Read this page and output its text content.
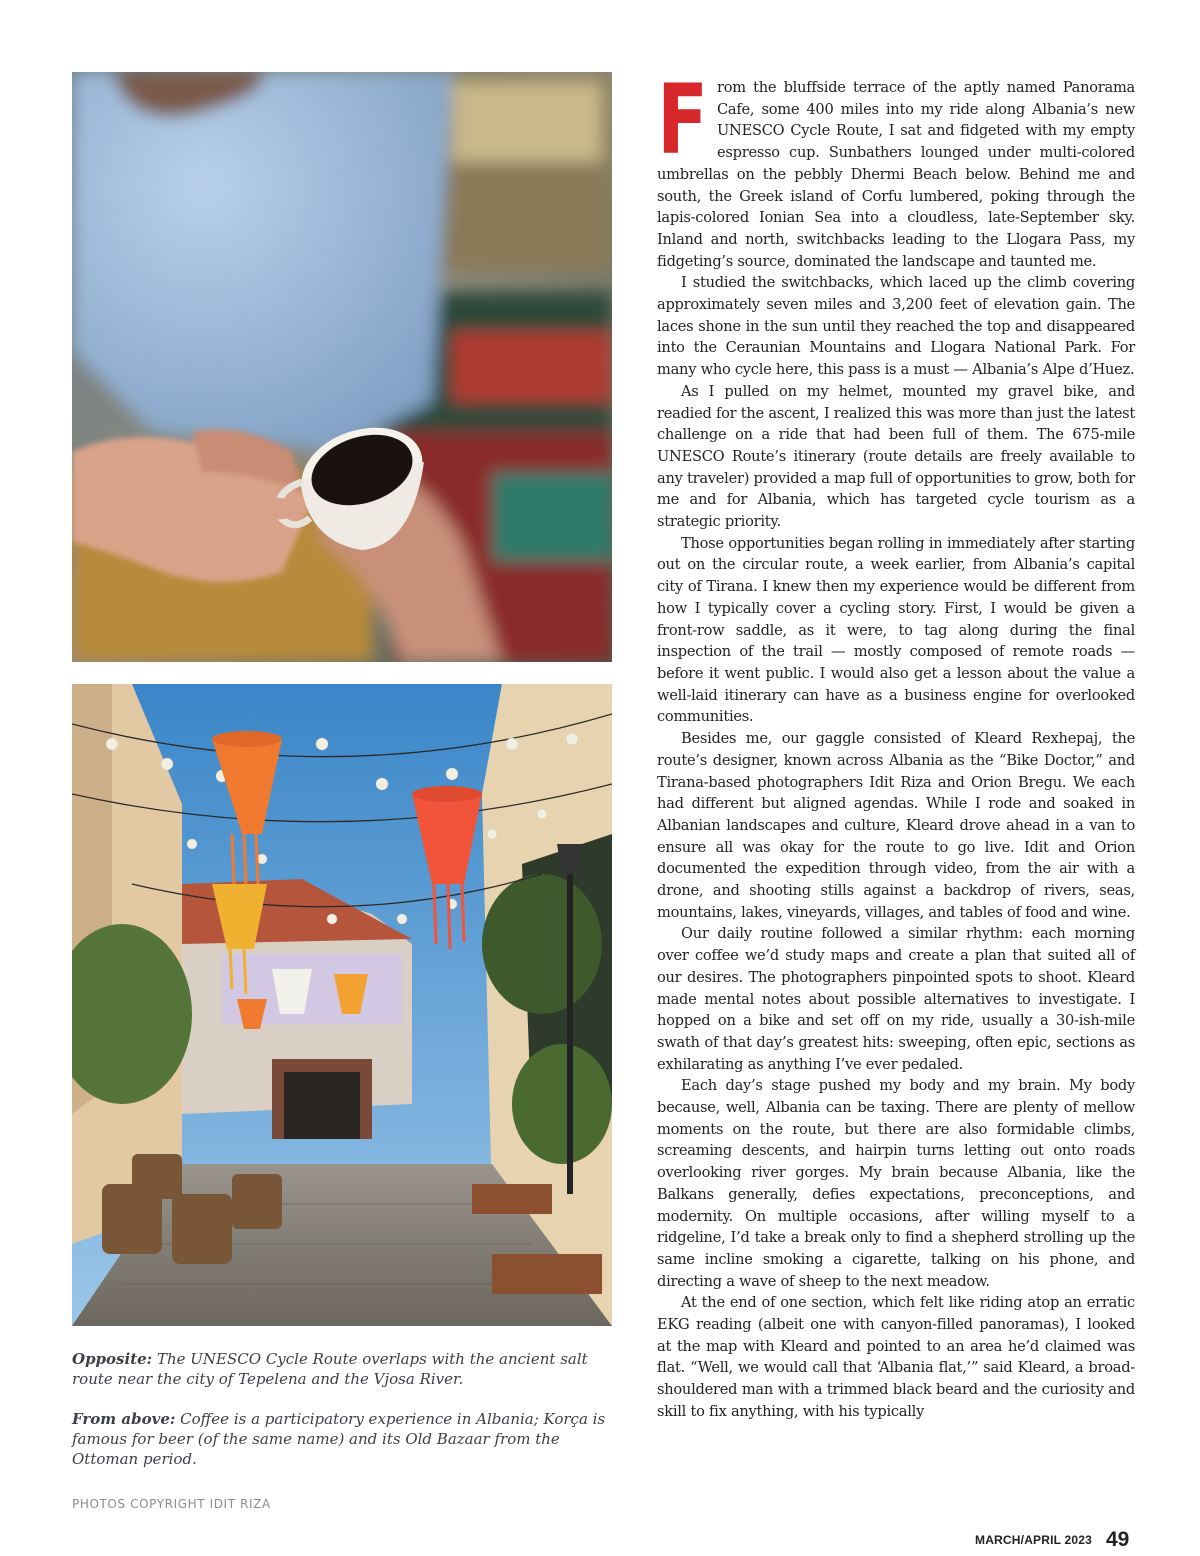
Opposite: The UNESCO Cycle Route overlaps with the ancient salt route near the city of Tepelena and the Vjosa River.
From above: Coffee is a participatory experience in Albania; Korça is famous for beer (of the same name) and its Old Bazaar from the Ottoman period.
PHOTOS COPYRIGHT IDIT RIZA

From the bluffside terrace of the aptly named Panorama Cafe, some 400 miles into my ride along Albania’s new UNESCO Cycle Route, I sat and fidgeted with my empty espresso cup. Sunbathers lounged under multi-colored umbrellas on the pebbly Dhermi Beach below. Behind me and south, the Greek island of Corfu lumbered, poking through the lapis-colored Ionian Sea into a cloudless, late-September sky. Inland and north, switchbacks leading to the Llogara Pass, my fidgeting’s source, dominated the landscape and taunted me.

I studied the switchbacks, which laced up the climb covering approximately seven miles and 3,200 feet of elevation gain. The laces shone in the sun until they reached the top and disappeared into the Ceraunian Mountains and Llogara National Park. For many who cycle here, this pass is a must — Albania’s Alpe d’Huez.

As I pulled on my helmet, mounted my gravel bike, and readied for the ascent, I realized this was more than just the latest challenge on a ride that had been full of them. The 675-mile UNESCO Route’s itinerary (route details are freely available to any traveler) provided a map full of opportunities to grow, both for me and for Albania, which has targeted cycle tourism as a strategic priority.

Those opportunities began rolling in immediately after starting out on the circular route, a week earlier, from Albania’s capital city of Tirana. I knew then my experience would be different from how I typically cover a cycling story. First, I would be given a front-row saddle, as it were, to tag along during the final inspection of the trail — mostly composed of remote roads — before it went public. I would also get a lesson about the value a well-laid itinerary can have as a business engine for overlooked communities.

Besides me, our gaggle consisted of Kleard Rexhepaj, the route’s designer, known across Albania as the “Bike Doctor,” and Tirana-based photographers Idit Riza and Orion Bregu. We each had different but aligned agendas. While I rode and soaked in Albanian landscapes and culture, Kleard drove ahead in a van to ensure all was okay for the route to go live. Idit and Orion documented the expedition through video, from the air with a drone, and shooting stills against a backdrop of rivers, seas, mountains, lakes, vineyards, villages, and tables of food and wine.

Our daily routine followed a similar rhythm: each morning over coffee we’d study maps and create a plan that suited all of our desires. The photographers pinpointed spots to shoot. Kleard made mental notes about possible alternatives to investigate. I hopped on a bike and set off on my ride, usually a 30-ish-mile swath of that day’s greatest hits: sweeping, often epic, sections as exhilarating as anything I’ve ever pedaled.

Each day’s stage pushed my body and my brain. My body because, well, Albania can be taxing. There are plenty of mellow moments on the route, but there are also formidable climbs, screaming descents, and hairpin turns letting out onto roads overlooking river gorges. My brain because Albania, like the Balkans generally, defies expectations, preconceptions, and modernity. On multiple occasions, after willing myself to a ridgeline, I’d take a break only to find a shepherd strolling up the same incline smoking a cigarette, talking on his phone, and directing a wave of sheep to the next meadow.

At the end of one section, which felt like riding atop an erratic EKG reading (albeit one with canyon-filled panoramas), I looked at the map with Kleard and pointed to an area he’d claimed was flat. “Well, we would call that ‘Albania flat,’” said Kleard, a broad-shouldered man with a trimmed black beard and the curiosity and skill to fix anything, with his typically

MARCH/APRIL 2023 49
